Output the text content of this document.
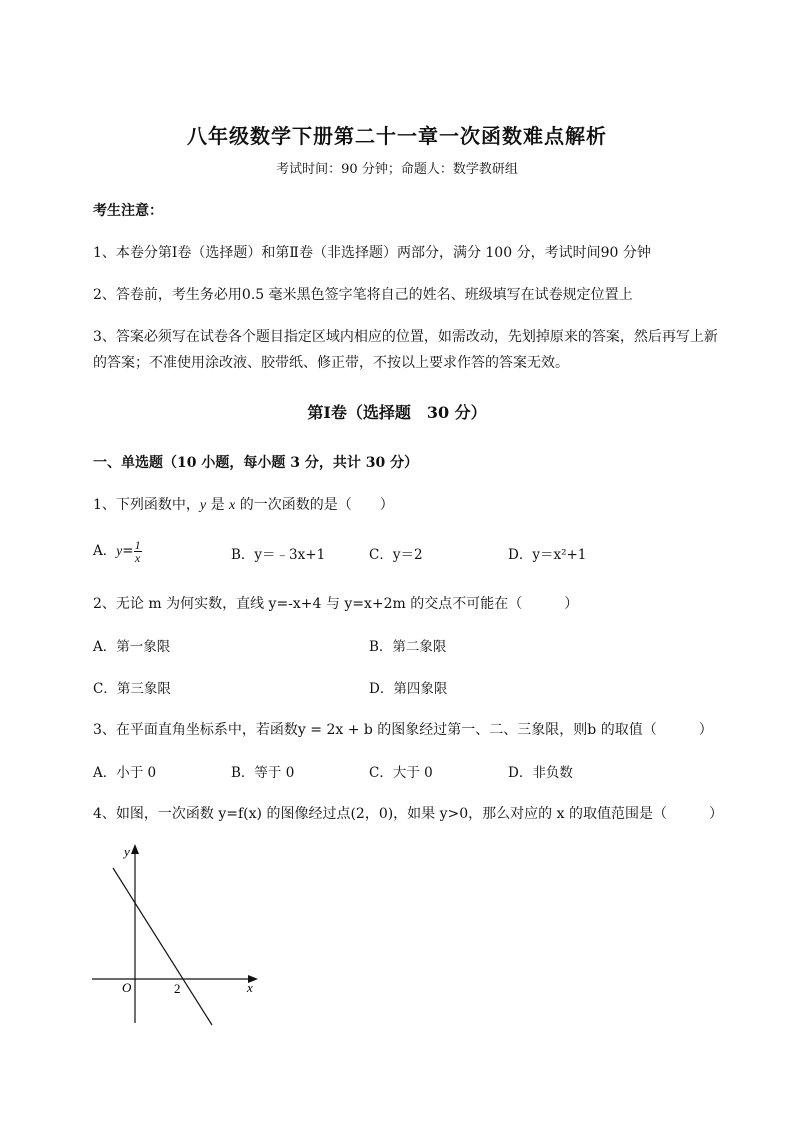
八年级数学下册第二十一章一次函数难点解析
考试时间：90 分钟；命题人：数学教研组
考生注意：
1、本卷分第Ⅰ卷（选择题）和第Ⅱ卷（非选择题）两部分，满分 100 分，考试时间90 分钟
2、答卷前，考生务必用0.5 毫米黑色签字笔将自己的姓名、班级填写在试卷规定位置上
3、答案必须写在试卷各个题目指定区域内相应的位置，如需改动，先划掉原来的答案，然后再写上新
的答案；不准使用涂改液、胶带纸、修正带，不按以上要求作答的答案无效。
第Ⅰ卷（选择题　30 分）
一、单选题（10 小题，每小题 3 分，共计 30 分）
1、下列函数中，y 是 x 的一次函数的是（　　）
A．$y= \frac{1}{x}$	B．y＝﹣3x+1	C．y＝2	D．y＝x²+1
2、无论 m 为何实数，直线 y=-x+4 与 y=x+2m 的交点不可能在（　　　）
A．第一象限	B．第二象限
C．第三象限	D．第四象限
3、在平面直角坐标系中，若函数y = 2x + b 的图象经过第一、二、三象限，则b 的取值（　　　）
A．小于 0	B．等于 0	C．大于 0	D．非负数
4、如图，一次函数 y=f(x) 的图像经过点(2，0)，如果 y>0，那么对应的 x 的取值范围是（　　　）
y
x
O	2
